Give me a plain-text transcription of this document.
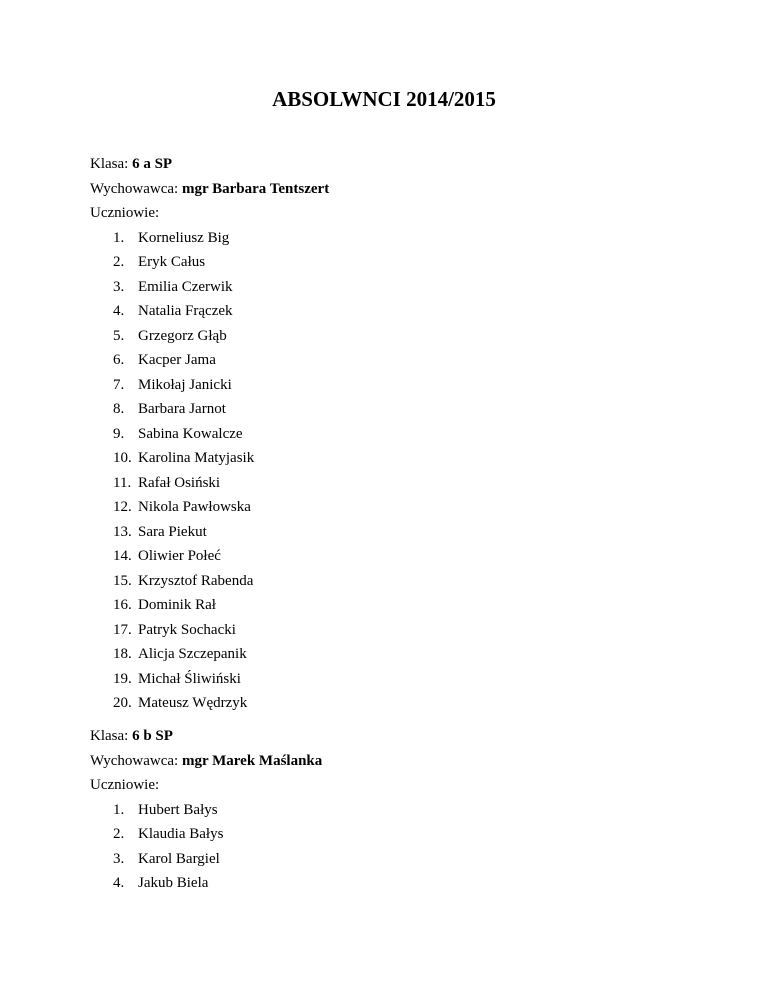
ABSOLWNCI 2014/2015
Klasa: 6 a SP
Wychowawca: mgr Barbara Tentszert
Uczniowie:
1. Korneliusz Big
2. Eryk Całus
3. Emilia Czerwik
4. Natalia Frączek
5. Grzegorz Głąb
6. Kacper Jama
7. Mikołaj Janicki
8. Barbara Jarnot
9. Sabina Kowalcze
10. Karolina Matyjasik
11. Rafał Osiński
12. Nikola Pawłowska
13. Sara Piekut
14. Oliwier Połeć
15. Krzysztof Rabenda
16. Dominik Rał
17. Patryk Sochacki
18. Alicja Szczepanik
19. Michał Śliwiński
20. Mateusz Wędrzyk
Klasa: 6 b SP
Wychowawca: mgr Marek Maślanka
Uczniowie:
1. Hubert Bałys
2. Klaudia Bałys
3. Karol Bargiel
4. Jakub Biela
